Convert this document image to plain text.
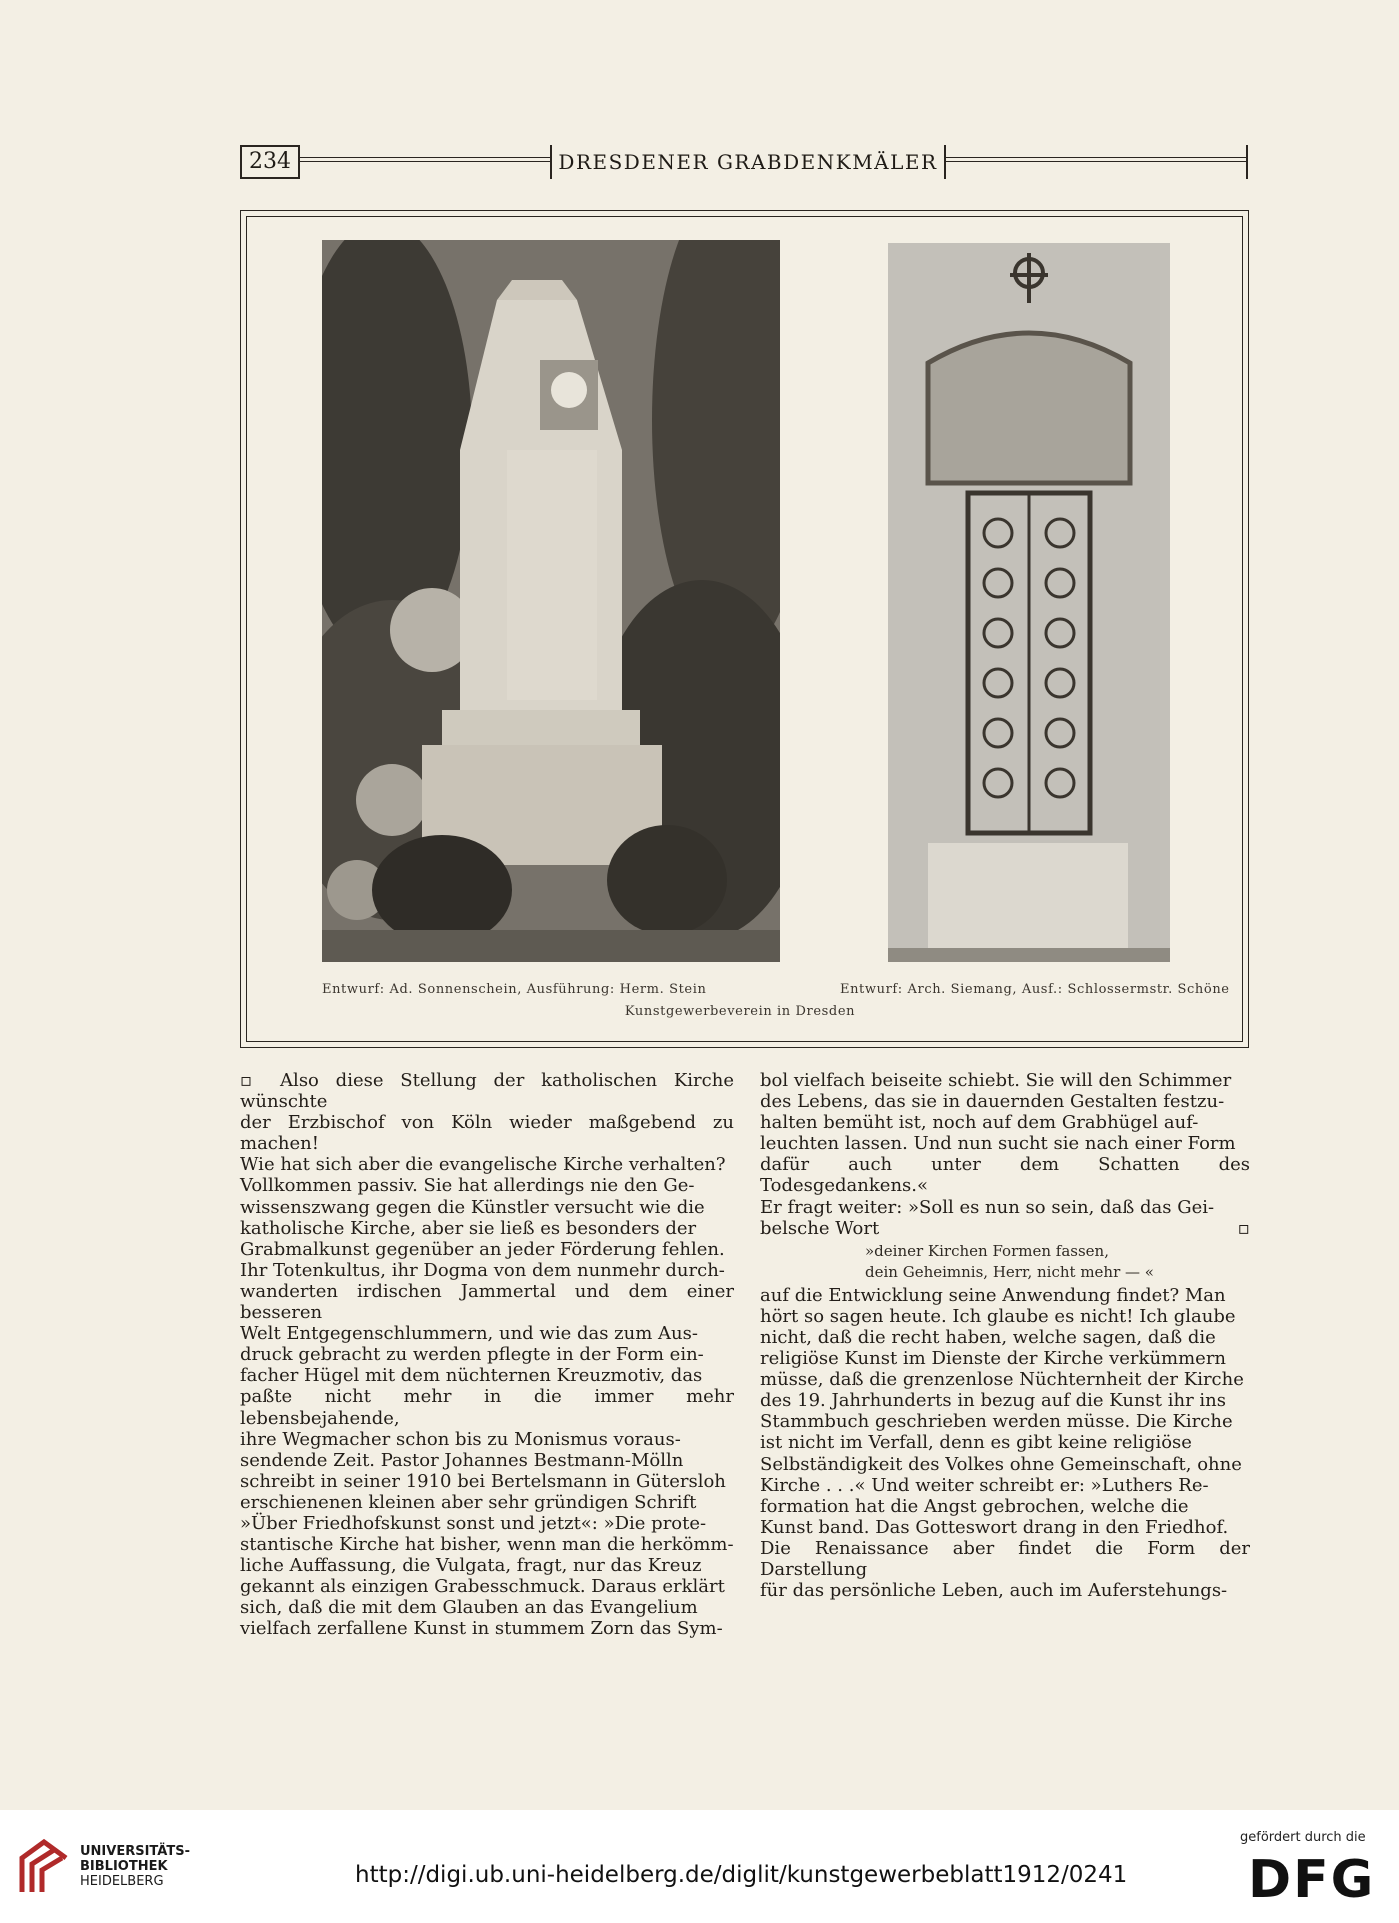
234	DRESDENER GRABDENKMÄLER
Entwurf: Ad. Sonnenschein, Ausführung: Herm. Stein	Entwurf: Arch. Siemang, Ausf.: Schlossermstr. Schöne
Kunstgewerbeverein in Dresden

▫ Also diese Stellung der katholischen Kirche wünschte

der Erzbischof von Köln wieder maßgebend zu machen!

Wie hat sich aber die evangelische Kirche verhalten?

Vollkommen passiv. Sie hat allerdings nie den Ge-

wissenszwang gegen die Künstler versucht wie die

katholische Kirche, aber sie ließ es besonders der

Grabmalkunst gegenüber an jeder Förderung fehlen.

Ihr Totenkultus, ihr Dogma von dem nunmehr durch-

wanderten irdischen Jammertal und dem einer besseren

Welt Entgegenschlummern, und wie das zum Aus-

druck gebracht zu werden pflegte in der Form ein-

facher Hügel mit dem nüchternen Kreuzmotiv, das

paßte nicht mehr in die immer mehr lebensbejahende,

ihre Wegmacher schon bis zu Monismus voraus-

sendende Zeit. Pastor Johannes Bestmann-Mölln

schreibt in seiner 1910 bei Bertelsmann in Gütersloh

erschienenen kleinen aber sehr gründigen Schrift

»Über Friedhofskunst sonst und jetzt«: »Die prote-

stantische Kirche hat bisher, wenn man die herkömm-

liche Auffassung, die Vulgata, fragt, nur das Kreuz

gekannt als einzigen Grabesschmuck. Daraus erklärt

sich, daß die mit dem Glauben an das Evangelium

vielfach zerfallene Kunst in stummem Zorn das Sym-

bol vielfach beiseite schiebt. Sie will den Schimmer

des Lebens, das sie in dauernden Gestalten festzu-

halten bemüht ist, noch auf dem Grabhügel auf-

leuchten lassen. Und nun sucht sie nach einer Form

dafür auch unter dem Schatten des Todesgedankens.«

Er fragt weiter: »Soll es nun so sein, daß das Gei-

belsche Wort	▫

»deiner Kirchen Formen fassen,
dein Geheimnis, Herr, nicht mehr — «

auf die Entwicklung seine Anwendung findet? Man

hört so sagen heute. Ich glaube es nicht! Ich glaube

nicht, daß die recht haben, welche sagen, daß die

religiöse Kunst im Dienste der Kirche verkümmern

müsse, daß die grenzenlose Nüchternheit der Kirche

des 19. Jahrhunderts in bezug auf die Kunst ihr ins

Stammbuch geschrieben werden müsse. Die Kirche

ist nicht im Verfall, denn es gibt keine religiöse

Selbständigkeit des Volkes ohne Gemeinschaft, ohne

Kirche . . .« Und weiter schreibt er: »Luthers Re-

formation hat die Angst gebrochen, welche die

Kunst band. Das Gotteswort drang in den Friedhof.

Die Renaissance aber findet die Form der Darstellung

für das persönliche Leben, auch im Auferstehungs-

UNIVERSITÄTS-
BIBLIOTHEK
HEIDELBERG	http://digi.ub.uni-heidelberg.de/diglit/kunstgewerbeblatt1912/0241
gefördert durch die
DFG
